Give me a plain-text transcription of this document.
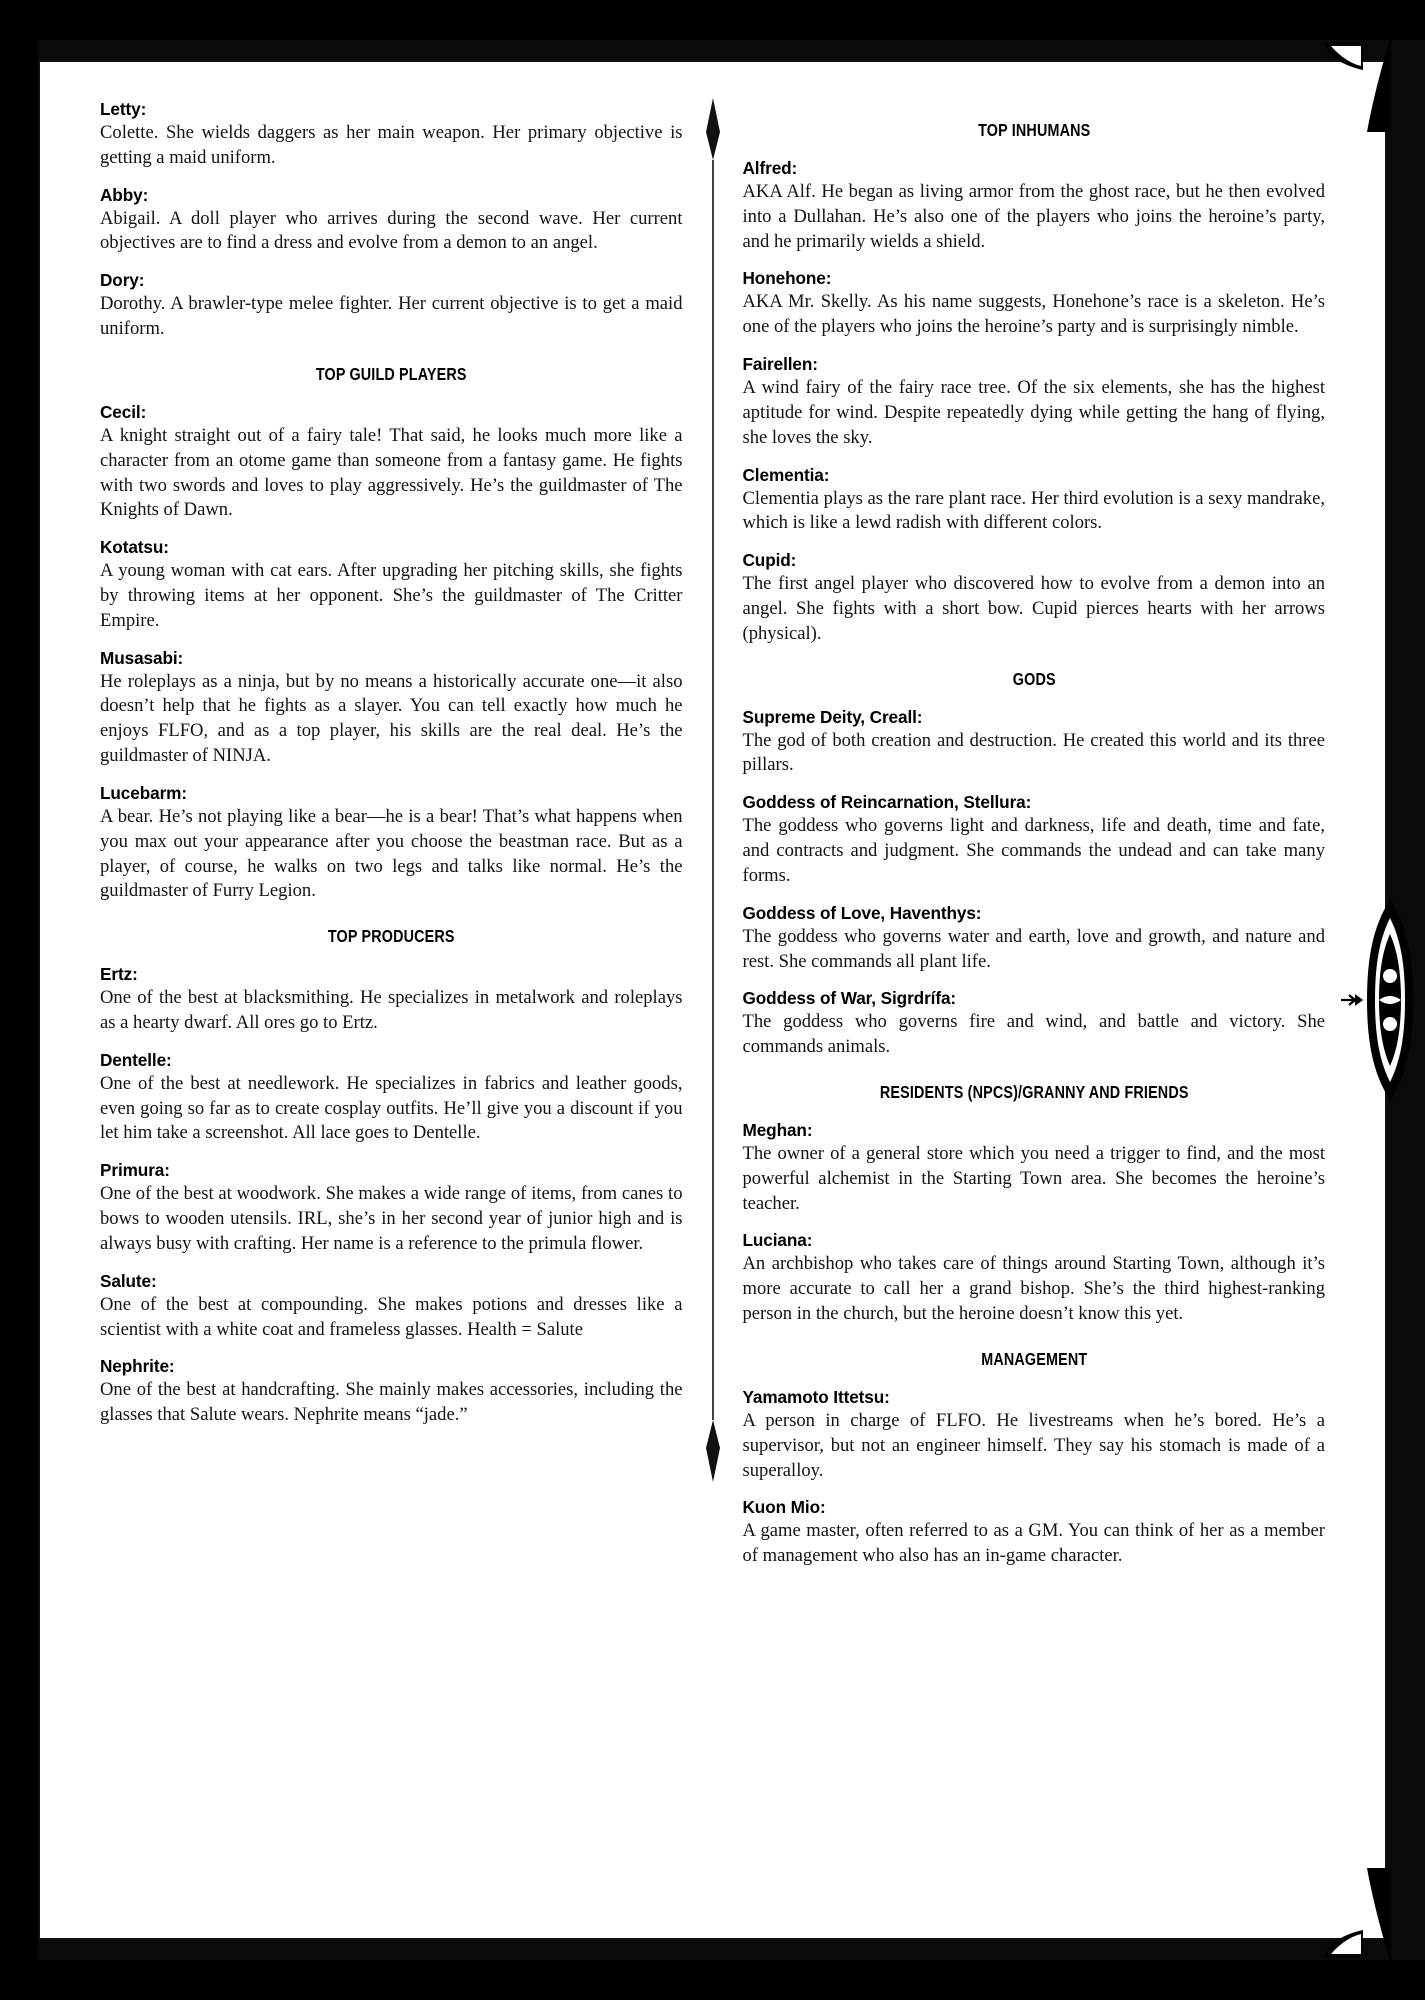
Letty:
Colette. She wields daggers as her main weapon. Her primary objective is getting a maid uniform.
Abby:
Abigail. A doll player who arrives during the second wave. Her current objectives are to find a dress and evolve from a demon to an angel.
Dory:
Dorothy. A brawler-type melee fighter. Her current objective is to get a maid uniform.
TOP GUILD PLAYERS
Cecil:
A knight straight out of a fairy tale! That said, he looks much more like a character from an otome game than someone from a fantasy game. He fights with two swords and loves to play aggressively. He’s the guildmaster of The Knights of Dawn.
Kotatsu:
A young woman with cat ears. After upgrading her pitching skills, she fights by throwing items at her opponent. She’s the guildmaster of The Critter Empire.
Musasabi:
He roleplays as a ninja, but by no means a historically accurate one—it also doesn’t help that he fights as a slayer. You can tell exactly how much he enjoys FLFO, and as a top player, his skills are the real deal. He’s the guildmaster of NINJA.
Lucebarm:
A bear. He’s not playing like a bear—he is a bear! That’s what happens when you max out your appearance after you choose the beastman race. But as a player, of course, he walks on two legs and talks like normal. He’s the guildmaster of Furry Legion.
TOP PRODUCERS
Ertz:
One of the best at blacksmithing. He specializes in metalwork and roleplays as a hearty dwarf. All ores go to Ertz.
Dentelle:
One of the best at needlework. He specializes in fabrics and leather goods, even going so far as to create cosplay outfits. He’ll give you a discount if you let him take a screenshot. All lace goes to Dentelle.
Primura:
One of the best at woodwork. She makes a wide range of items, from canes to bows to wooden utensils. IRL, she’s in her second year of junior high and is always busy with crafting. Her name is a reference to the primula flower.
Salute:
One of the best at compounding. She makes potions and dresses like a scientist with a white coat and frameless glasses. Health = Salute
Nephrite:
One of the best at handcrafting. She mainly makes accessories, including the glasses that Salute wears. Nephrite means “jade.”
TOP INHUMANS
Alfred:
AKA Alf. He began as living armor from the ghost race, but he then evolved into a Dullahan. He’s also one of the players who joins the heroine’s party, and he primarily wields a shield.
Honehone:
AKA Mr. Skelly. As his name suggests, Honehone’s race is a skeleton. He’s one of the players who joins the heroine’s party and is surprisingly nimble.
Fairellen:
A wind fairy of the fairy race tree. Of the six elements, she has the highest aptitude for wind. Despite repeatedly dying while getting the hang of flying, she loves the sky.
Clementia:
Clementia plays as the rare plant race. Her third evolution is a sexy mandrake, which is like a lewd radish with different colors.
Cupid:
The first angel player who discovered how to evolve from a demon into an angel. She fights with a short bow. Cupid pierces hearts with her arrows (physical).
GODS
Supreme Deity, Creall:
The god of both creation and destruction. He created this world and its three pillars.
Goddess of Reincarnation, Stellura:
The goddess who governs light and darkness, life and death, time and fate, and contracts and judgment. She commands the undead and can take many forms.
Goddess of Love, Haventhys:
The goddess who governs water and earth, love and growth, and nature and rest. She commands all plant life.
Goddess of War, Sigrdrífa:
The goddess who governs fire and wind, and battle and victory. She commands animals.
RESIDENTS (NPCS)/GRANNY AND FRIENDS
Meghan:
The owner of a general store which you need a trigger to find, and the most powerful alchemist in the Starting Town area. She becomes the heroine’s teacher.
Luciana:
An archbishop who takes care of things around Starting Town, although it’s more accurate to call her a grand bishop. She’s the third highest-ranking person in the church, but the heroine doesn’t know this yet.
MANAGEMENT
Yamamoto Ittetsu:
A person in charge of FLFO. He livestreams when he’s bored. He’s a supervisor, but not an engineer himself. They say his stomach is made of a superalloy.
Kuon Mio:
A game master, often referred to as a GM. You can think of her as a member of management who also has an in-game character.
